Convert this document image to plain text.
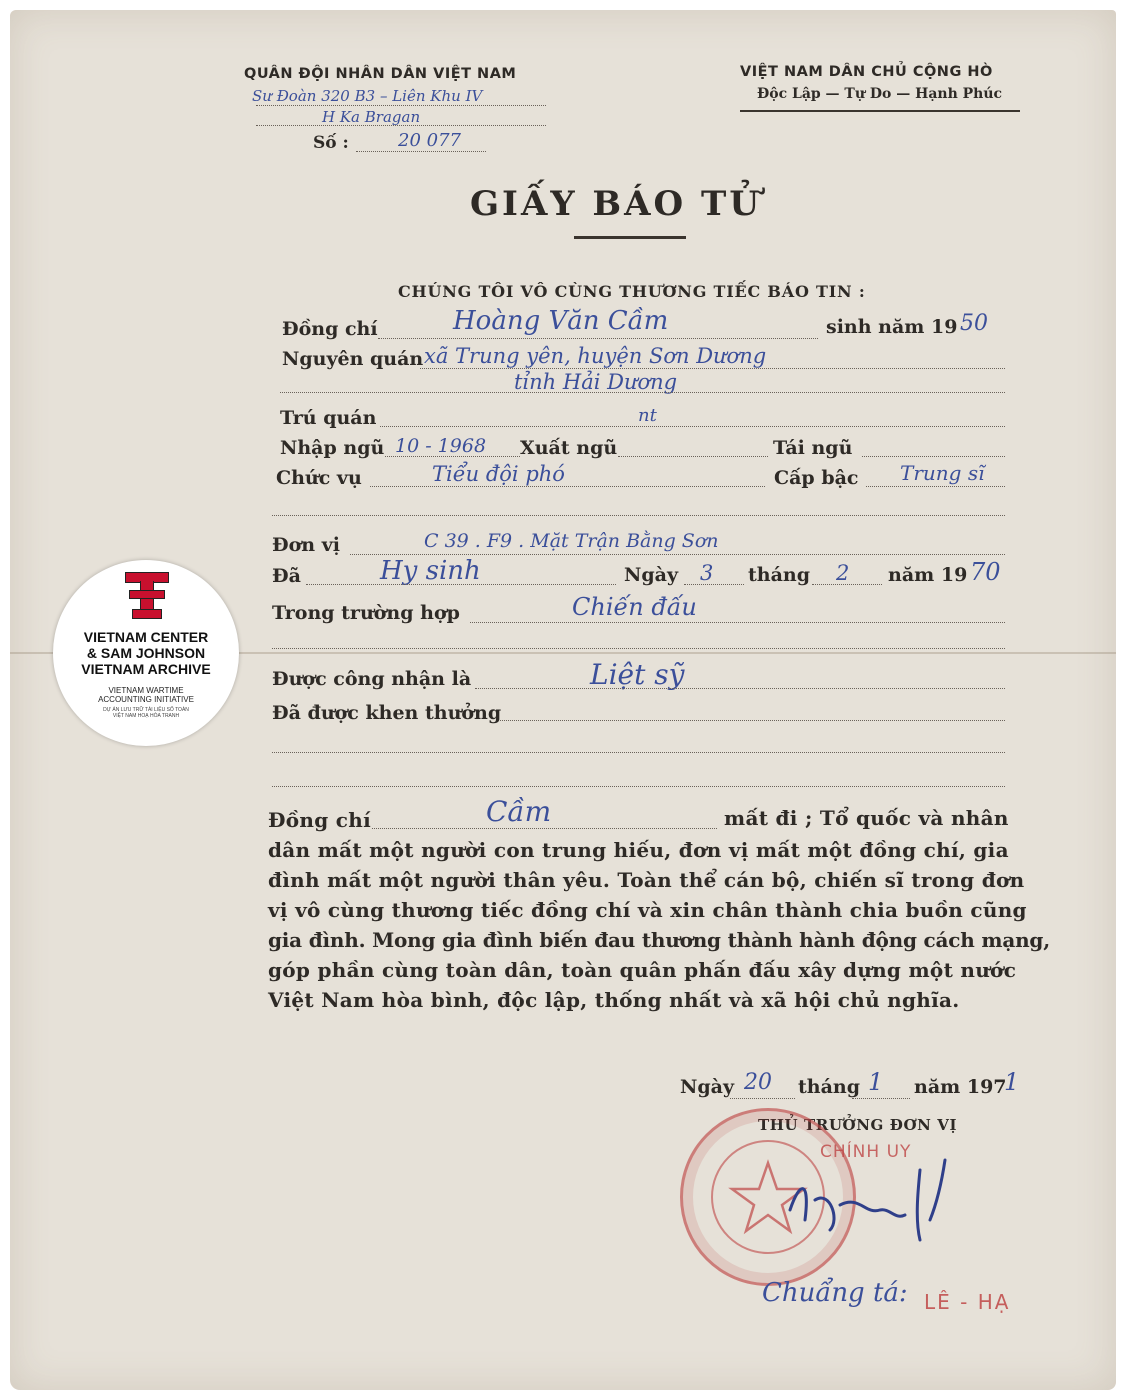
QUÂN ĐỘI NHÂN DÂN VIỆT NAM
Sư Đoàn 320 B3 – Liên Khu IV
H Ka Bragan
Số :	20 077
VIỆT NAM DÂN CHỦ CỘNG HÒ
Độc Lập — Tự Do — Hạnh Phúc
GIẤY BÁO TỬ
CHÚNG TÔI VÔ CÙNG THƯƠNG TIẾC BÁO TIN :
Đồng chí	Hoàng Văn Cầm	sinh năm 19 50
Nguyên quán xã Trung yên, huyện Sơn Dương
tỉnh Hải Dương
Trú quán	nt
Nhập ngũ 10 - 1968 Xuất ngũ	Tái ngũ
Chức vụ	Tiểu đội phó	Cấp bậc Trung sĩ
Đơn vị	C 39 . F9 . Mặt Trận Bằng Sơn
Đã	Hy sinh	Ngày 3 tháng 2 năm 19 70
Trong trường hợp	Chiến đấu
Được công nhận là	Liệt sỹ
Đã được khen thưởng
Đồng chí	Cầm	mất đi ; Tổ quốc và nhân
dân mất một người con trung hiếu, đơn vị mất một đồng chí, gia
đình mất một người thân yêu. Toàn thể cán bộ, chiến sĩ trong đơn
vị vô cùng thương tiếc đồng chí và xin chân thành chia buồn cũng
gia đình. Mong gia đình biến đau thương thành hành động cách mạng,
góp phần cùng toàn dân, toàn quân phấn đấu xây dựng một nước
Việt Nam hòa bình, độc lập, thống nhất và xã hội chủ nghĩa.
Ngày 20 tháng 1 năm 197
1
THỦ TRƯỞNG ĐƠN VỊ
CHÍNH UY
Chuẩng tá: LÊ - HẠ
VIETNAM CENTER
& SAM JOHNSON
VIETNAM ARCHIVE
VIETNAM WARTIME
ACCOUNTING INITIATIVE
DỰ ÁN LƯU TRỮ TÀI LIỆU SỐ TOÀN
VIỆT NAM HOẠ HÒA TRANH
